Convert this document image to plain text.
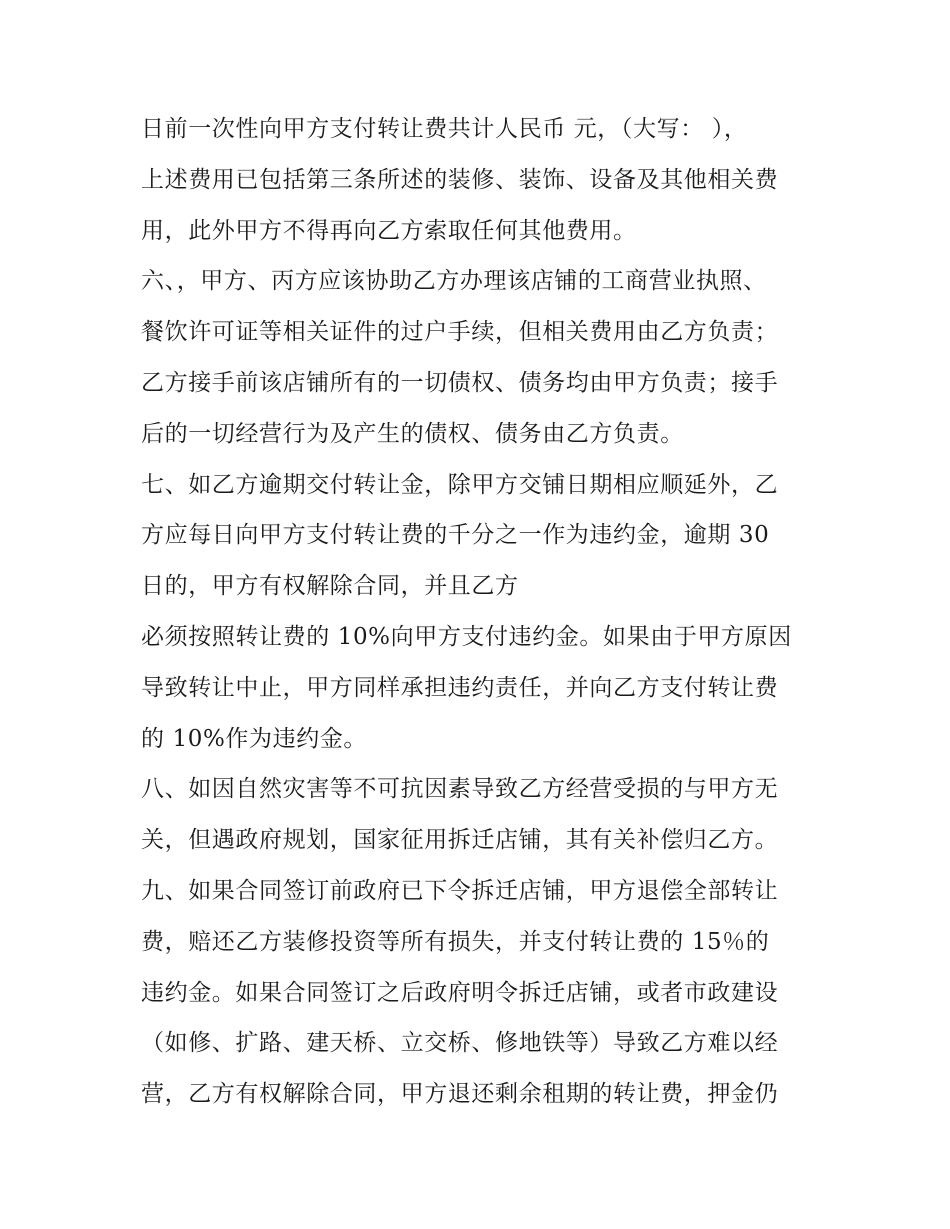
日前一次性向甲方支付转让费共计人民币 元，（大写： ），
上述费用已包括第三条所述的装修、装饰、设备及其他相关费
用，此外甲方不得再向乙方索取任何其他费用。
六、，甲方、丙方应该协助乙方办理该店铺的工商营业执照、
餐饮许可证等相关证件的过户手续，但相关费用由乙方负责；
乙方接手前该店铺所有的一切债权、债务均由甲方负责；接手
后的一切经营行为及产生的债权、债务由乙方负责。
七、如乙方逾期交付转让金，除甲方交铺日期相应顺延外，乙
方应每日向甲方支付转让费的千分之一作为违约金，逾期 30
日的，甲方有权解除合同，并且乙方
必须按照转让费的 10%向甲方支付违约金。如果由于甲方原因
导致转让中止，甲方同样承担违约责任，并向乙方支付转让费
的 10%作为违约金。
八、如因自然灾害等不可抗因素导致乙方经营受损的与甲方无
关，但遇政府规划，国家征用拆迁店铺，其有关补偿归乙方。
九、如果合同签订前政府已下令拆迁店铺，甲方退偿全部转让
费，赔还乙方装修投资等所有损失，并支付转让费的 15％的
违约金。如果合同签订之后政府明令拆迁店铺，或者市政建设
（如修、扩路、建天桥、立交桥、修地铁等）导致乙方难以经
营，乙方有权解除合同，甲方退还剩余租期的转让费，押金仍
